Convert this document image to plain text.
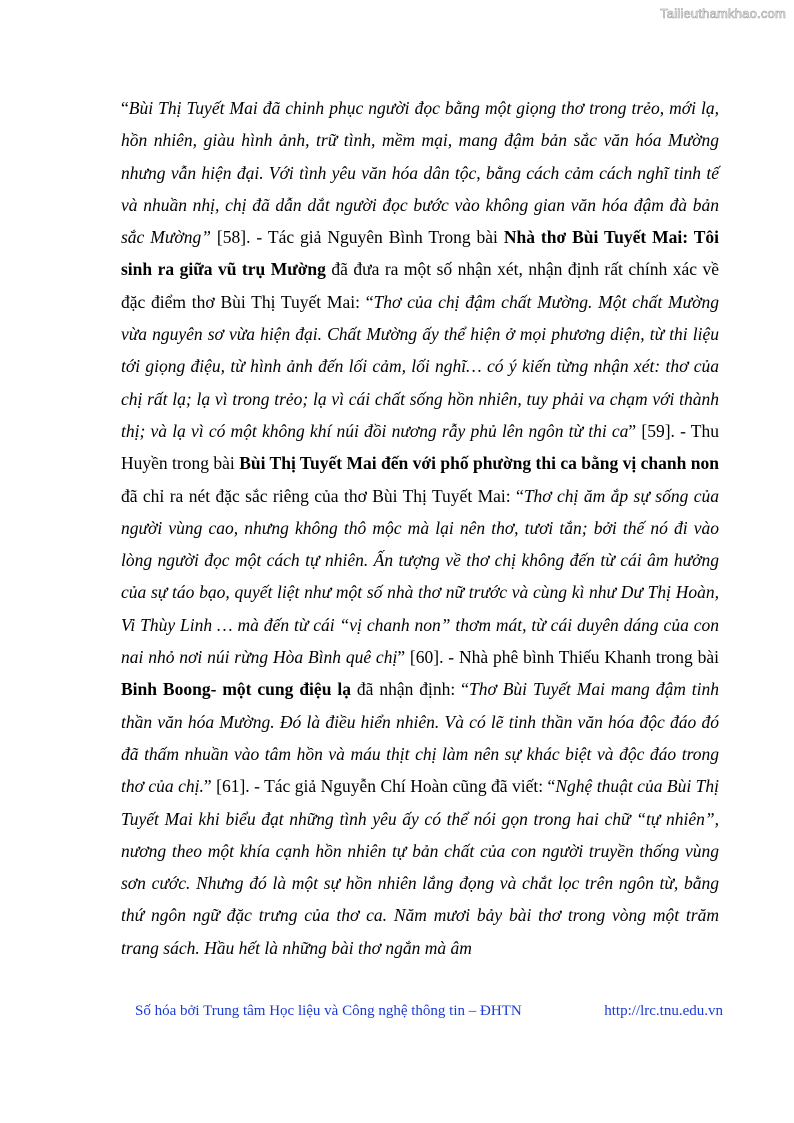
Tailieuthamkhao.com

“Bùi Thị Tuyết Mai đã chinh phục người đọc bằng một giọng thơ trong trẻo, mới lạ, hồn nhiên, giàu hình ảnh, trữ tình, mềm mại, mang đậm bản sắc văn hóa Mường nhưng vẫn hiện đại. Với tình yêu văn hóa dân tộc, bằng cách cảm cách nghĩ tinh tế và nhuần nhị, chị đã dẫn dắt người đọc bước vào không gian văn hóa đậm đà bản sắc Mường” [58]. - Tác giả Nguyên Bình Trong bài Nhà thơ Bùi Tuyết Mai: Tôi sinh ra giữa vũ trụ Mường đã đưa ra một số nhận xét, nhận định rất chính xác về đặc điểm thơ Bùi Thị Tuyết Mai: “Thơ của chị đậm chất Mường. Một chất Mường vừa nguyên sơ vừa hiện đại. Chất Mường ấy thể hiện ở mọi phương diện, từ thi liệu tới giọng điệu, từ hình ảnh đến lối cảm, lối nghĩ… có ý kiến từng nhận xét: thơ của chị rất lạ; lạ vì trong trẻo; lạ vì cái chất sống hồn nhiên, tuy phải va chạm với thành thị; và lạ vì có một không khí núi đồi nương rẫy phủ lên ngôn từ thi ca” [59]. - Thu Huyền trong bài Bùi Thị Tuyết Mai đến với phố phường thi ca bằng vị chanh non đã chỉ ra nét đặc sắc riêng của thơ Bùi Thị Tuyết Mai: “Thơ chị ăm ắp sự sống của người vùng cao, nhưng không thô mộc mà lại nên thơ, tươi tắn; bởi thế nó đi vào lòng người đọc một cách tự nhiên. Ấn tượng về thơ chị không đến từ cái âm hưởng của sự táo bạo, quyết liệt như một số nhà thơ nữ trước và cùng kì như Dư Thị Hoàn, Vi Thùy Linh … mà đến từ cái “vị chanh non” thơm mát, từ cái duyên dáng của con nai nhỏ nơi núi rừng Hòa Bình quê chị” [60]. - Nhà phê bình Thiếu Khanh trong bài Binh Boong- một cung điệu lạ đã nhận định: “Thơ Bùi Tuyết Mai mang đậm tinh thần văn hóa Mường. Đó là điều hiển nhiên. Và có lẽ tinh thần văn hóa độc đáo đó đã thấm nhuần vào tâm hồn và máu thịt chị làm nên sự khác biệt và độc đáo trong thơ của chị.” [61]. - Tác giả Nguyễn Chí Hoàn cũng đã viết: “Nghệ thuật của Bùi Thị Tuyết Mai khi biểu đạt những tình yêu ấy có thể nói gọn trong hai chữ “tự nhiên”, nương theo một khía cạnh hồn nhiên tự bản chất của con người truyền thống vùng sơn cước. Nhưng đó là một sự hồn nhiên lắng đọng và chắt lọc trên ngôn từ, bằng thứ ngôn ngữ đặc trưng của thơ ca. Năm mươi bảy bài thơ trong vòng một trăm trang sách. Hầu hết là những bài thơ ngắn mà âm

Số hóa bởi Trung tâm Học liệu và Công nghệ thông tin – ĐHTN	http://lrc.tnu.edu.vn
